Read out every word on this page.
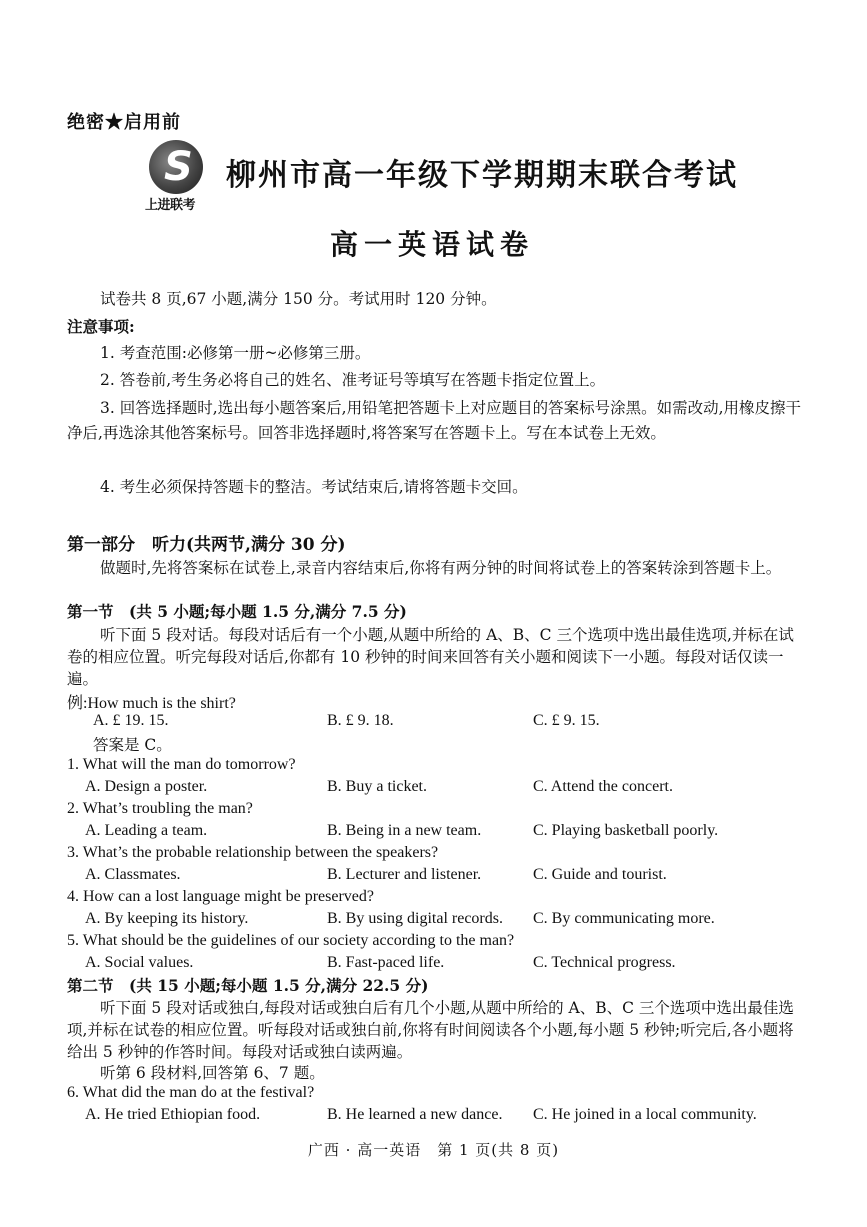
绝密★启用前
S
上进联考
柳州市高一年级下学期期末联合考试
高一英语试卷
试卷共 8 页,67 小题,满分 150 分。考试用时 120 分钟。
注意事项:
1. 考查范围:必修第一册~必修第三册。
2. 答卷前,考生务必将自己的姓名、准考证号等填写在答题卡指定位置上。
3. 回答选择题时,选出每小题答案后,用铅笔把答题卡上对应题目的答案标号涂黑。如需改动,用橡皮擦干净后,再选涂其他答案标号。回答非选择题时,将答案写在答题卡上。写在本试卷上无效。
4. 考生必须保持答题卡的整洁。考试结束后,请将答题卡交回。
第一部分　听力(共两节,满分 30 分)
做题时,先将答案标在试卷上,录音内容结束后,你将有两分钟的时间将试卷上的答案转涂到答题卡上。
第一节　(共 5 小题;每小题 1.5 分,满分 7.5 分)
听下面 5 段对话。每段对话后有一个小题,从题中所给的 A、B、C 三个选项中选出最佳选项,并标在试卷的相应位置。听完每段对话后,你都有 10 秒钟的时间来回答有关小题和阅读下一小题。每段对话仅读一遍。
例:How much is the shirt?
A. £ 19. 15.	B. £ 9. 18.	C. £ 9. 15.
答案是 C。
1. What will the man do tomorrow?
A. Design a poster.	B. Buy a ticket.	C. Attend the concert.
2. What’s troubling the man?
A. Leading a team.	B. Being in a new team.	C. Playing basketball poorly.
3. What’s the probable relationship between the speakers?
A. Classmates.	B. Lecturer and listener.	C. Guide and tourist.
4. How can a lost language might be preserved?
A. By keeping its history.	B. By using digital records. C. By communicating more.
5. What should be the guidelines of our society according to the man?
A. Social values.	B. Fast-paced life.	C. Technical progress.
第二节　(共 15 小题;每小题 1.5 分,满分 22.5 分)
听下面 5 段对话或独白,每段对话或独白后有几个小题,从题中所给的 A、B、C 三个选项中选出最佳选项,并标在试卷的相应位置。听每段对话或独白前,你将有时间阅读各个小题,每小题 5 秒钟;听完后,各小题将给出 5 秒钟的作答时间。每段对话或独白读两遍。
听第 6 段材料,回答第 6、7 题。
6. What did the man do at the festival?
A. He tried Ethiopian food.	B. He learned a new dance. C. He joined in a local community.
广西 · 高一英语　第 1 页(共 8 页)
